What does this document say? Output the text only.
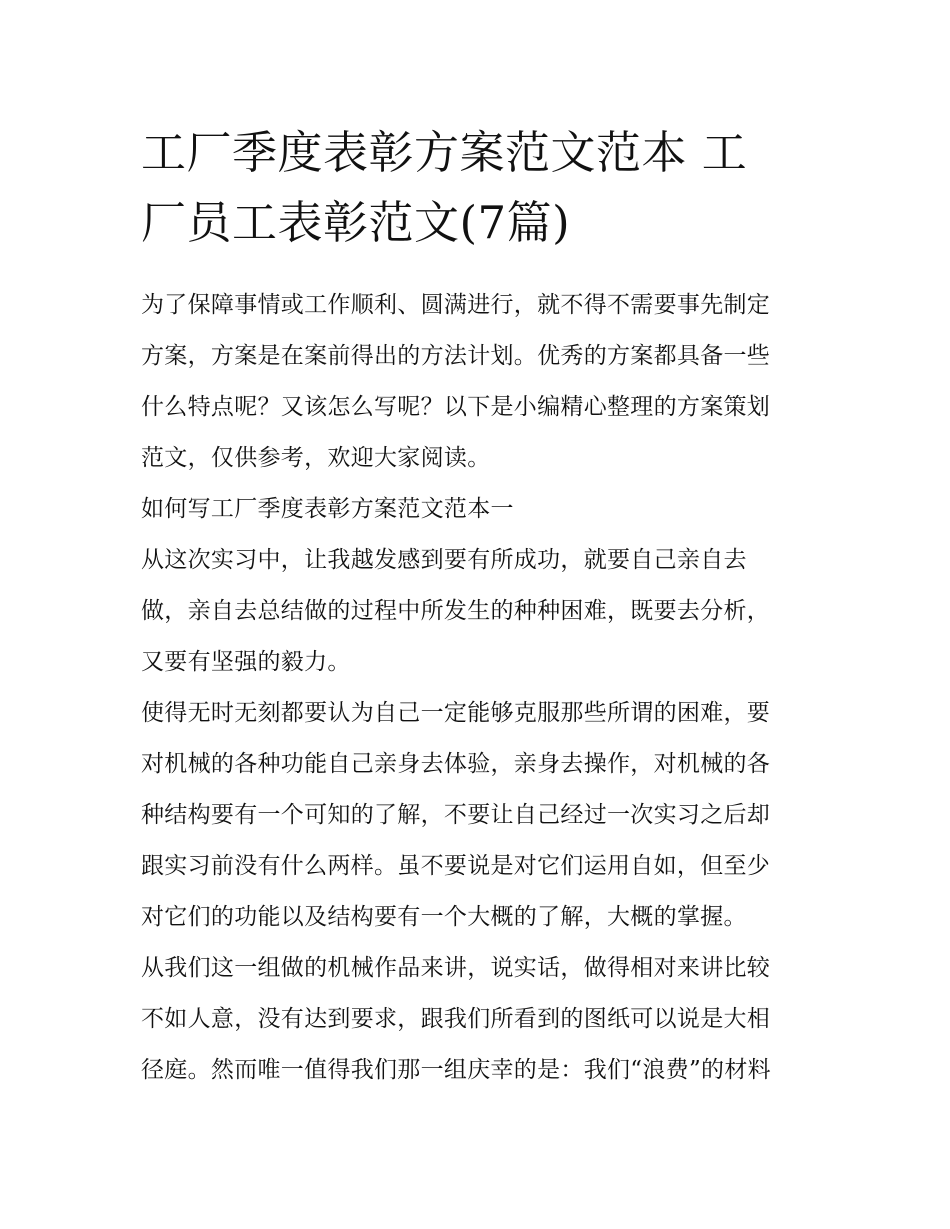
工厂季度表彰方案范文范本 工
厂员工表彰范文(7篇)

为了保障事情或工作顺利、圆满进行，就不得不需要事先制定
方案，方案是在案前得出的方法计划。优秀的方案都具备一些
什么特点呢？又该怎么写呢？以下是小编精心整理的方案策划
范文，仅供参考，欢迎大家阅读。

如何写工厂季度表彰方案范文范本一

从这次实习中，让我越发感到要有所成功，就要自己亲自去
做，亲自去总结做的过程中所发生的种种困难，既要去分析，
又要有坚强的毅力。

使得无时无刻都要认为自己一定能够克服那些所谓的困难，要
对机械的各种功能自己亲身去体验，亲身去操作，对机械的各
种结构要有一个可知的了解，不要让自己经过一次实习之后却
跟实习前没有什么两样。虽不要说是对它们运用自如，但至少
对它们的功能以及结构要有一个大概的了解，大概的掌握。

从我们这一组做的机械作品来讲，说实话，做得相对来讲比较
不如人意，没有达到要求，跟我们所看到的图纸可以说是大相
径庭。然而唯一值得我们那一组庆幸的是：我们“浪费”的材料
